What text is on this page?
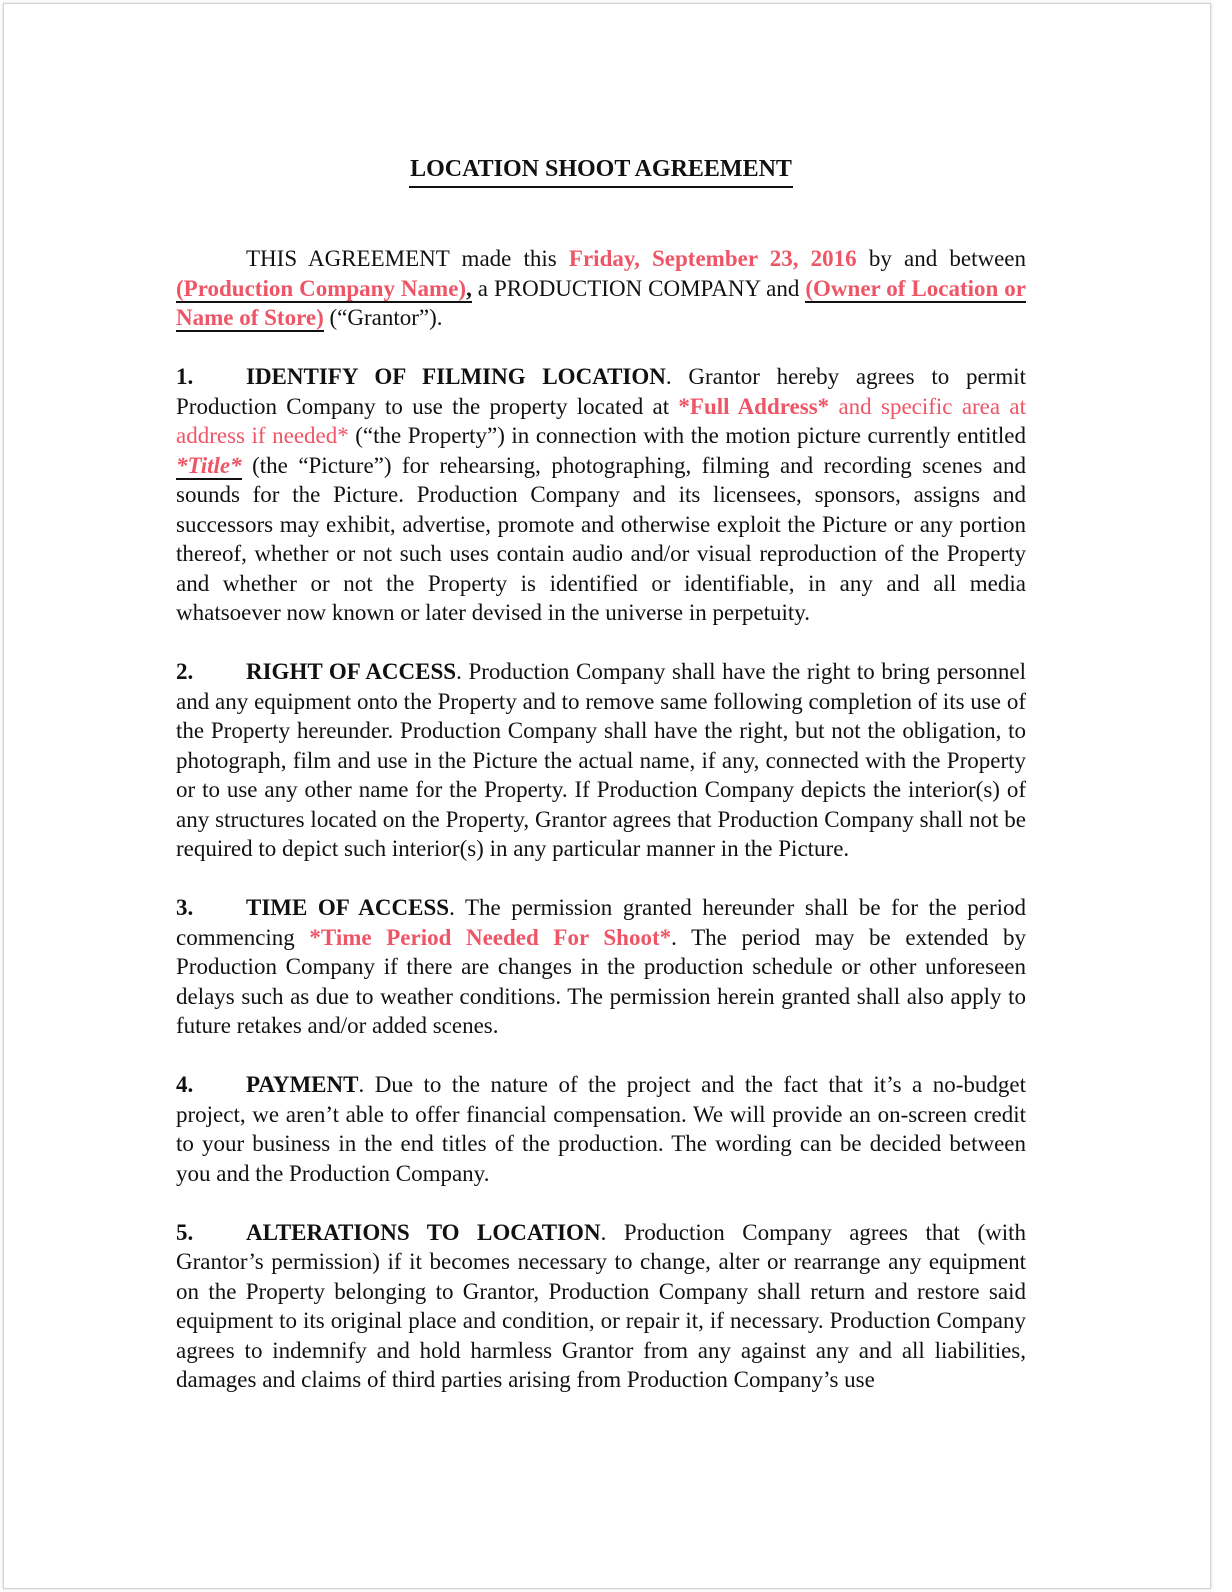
LOCATION SHOOT AGREEMENT

THIS AGREEMENT made this Friday, September 23, 2016 by and between (Production Company Name), a PRODUCTION COMPANY and (Owner of Location or Name of Store) (“Grantor”).

1. IDENTIFY OF FILMING LOCATION. Grantor hereby agrees to permit Production Company to use the property located at *Full Address* and specific area at address if needed* (“the Property”) in connection with the motion picture currently entitled *Title* (the “Picture”) for rehearsing, photographing, filming and recording scenes and sounds for the Picture. Production Company and its licensees, sponsors, assigns and successors may exhibit, advertise, promote and otherwise exploit the Picture or any portion thereof, whether or not such uses contain audio and/or visual reproduction of the Property and whether or not the Property is identified or identifiable, in any and all media whatsoever now known or later devised in the universe in perpetuity.

2. RIGHT OF ACCESS. Production Company shall have the right to bring personnel and any equipment onto the Property and to remove same following completion of its use of the Property hereunder. Production Company shall have the right, but not the obligation, to photograph, film and use in the Picture the actual name, if any, connected with the Property or to use any other name for the Property. If Production Company depicts the interior(s) of any structures located on the Property, Grantor agrees that Production Company shall not be required to depict such interior(s) in any particular manner in the Picture.

3. TIME OF ACCESS. The permission granted hereunder shall be for the period commencing *Time Period Needed For Shoot*. The period may be extended by Production Company if there are changes in the production schedule or other unforeseen delays such as due to weather conditions. The permission herein granted shall also apply to future retakes and/or added scenes.

4. PAYMENT. Due to the nature of the project and the fact that it’s a no-budget project, we aren’t able to offer financial compensation. We will provide an on-screen credit to your business in the end titles of the production. The wording can be decided between you and the Production Company.

5. ALTERATIONS TO LOCATION. Production Company agrees that (with Grantor’s permission) if it becomes necessary to change, alter or rearrange any equipment on the Property belonging to Grantor, Production Company shall return and restore said equipment to its original place and condition, or repair it, if necessary. Production Company agrees to indemnify and hold harmless Grantor from any against any and all liabilities, damages and claims of third parties arising from Production Company’s use
